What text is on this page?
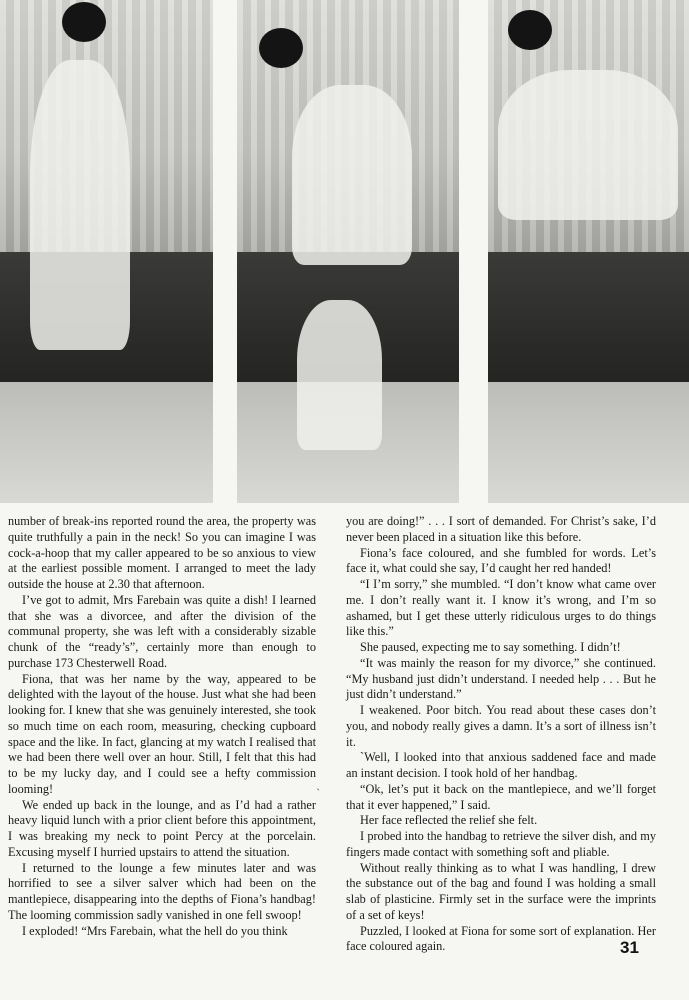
number of break-ins reported round the area, the property was quite truthfully a pain in the neck! So you can imagine I was cock-a-hoop that my caller appeared to be so anxious to view at the earliest possible moment. I arranged to meet the lady outside the house at 2.30 that afternoon.

I’ve got to admit, Mrs Farebain was quite a dish! I learned that she was a divorcee, and after the division of the communal property, she was left with a considerably sizable chunk of the “ready’s”, certainly more than enough to purchase 173 Chesterwell Road.

Fiona, that was her name by the way, appeared to be delighted with the layout of the house. Just what she had been looking for. I knew that she was genuinely interested, she took so much time on each room, measuring, checking cupboard space and the like. In fact, glancing at my watch I realised that we had been there well over an hour. Still, I felt that this had to be my lucky day, and I could see a hefty commission looming!

We ended up back in the lounge, and as I’d had a rather heavy liquid lunch with a prior client before this appointment, I was breaking my neck to point Percy at the porcelain. Excusing myself I hurried upstairs to attend the situation.

I returned to the lounge a few minutes later and was horrified to see a silver salver which had been on the mantlepiece, disappearing into the depths of Fiona’s handbag! The looming commission sadly vanished in one fell swoop!

I exploded! “Mrs Farebain, what the hell do you think

you are doing!” . . . I sort of demanded. For Christ’s sake, I’d never been placed in a situation like this before.

Fiona’s face coloured, and she fumbled for words. Let’s face it, what could she say, I’d caught her red handed!

“I I’m sorry,” she mumbled. “I don’t know what came over me. I don’t really want it. I know it’s wrong, and I’m so ashamed, but I get these utterly ridiculous urges to do things like this.”

She paused, expecting me to say something. I didn’t!

“It was mainly the reason for my divorce,” she continued. “My husband just didn’t understand. I needed help . . . But he just didn’t understand.”

I weakened. Poor bitch. You read about these cases don’t you, and nobody really gives a damn. It’s a sort of illness isn’t it.

`Well, I looked into that anxious saddened face and made an instant decision. I took hold of her handbag.

“Ok, let’s put it back on the mantlepiece, and we’ll forget that it ever happened,” I said.

Her face reflected the relief she felt.

I probed into the handbag to retrieve the silver dish, and my fingers made contact with something soft and pliable.

Without really thinking as to what I was handling, I drew the substance out of the bag and found I was holding a small slab of plasticine. Firmly set in the surface were the imprints of a set of keys!

Puzzled, I looked at Fiona for some sort of explanation. Her face coloured again.	31
